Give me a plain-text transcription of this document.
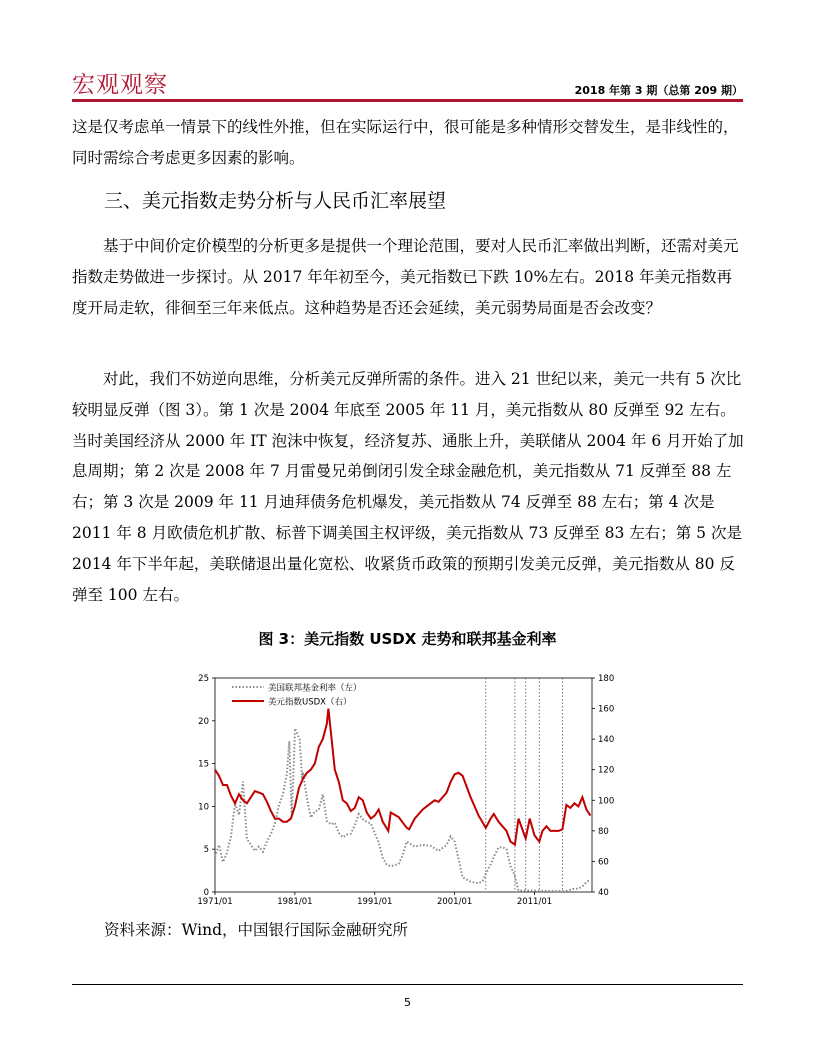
宏观观察	2018 年第 3 期（总第 209 期）
这是仅考虑单一情景下的线性外推，但在实际运行中，很可能是多种情形交替发生，是非线性的，同时需综合考虑更多因素的影响。
三、美元指数走势分析与人民币汇率展望
基于中间价定价模型的分析更多是提供一个理论范围，要对人民币汇率做出判断，还需对美元指数走势做进一步探讨。从 2017 年年初至今，美元指数已下跌 10%左右。2018 年美元指数再度开局走软，徘徊至三年来低点。这种趋势是否还会延续，美元弱势局面是否会改变？
对此，我们不妨逆向思维，分析美元反弹所需的条件。进入 21 世纪以来，美元一共有 5 次比较明显反弹（图 3）。第 1 次是 2004 年底至 2005 年 11 月，美元指数从 80 反弹至 92 左右。当时美国经济从 2000 年 IT 泡沫中恢复，经济复苏、通胀上升，美联储从 2004 年 6 月开始了加息周期；第 2 次是 2008 年 7 月雷曼兄弟倒闭引发全球金融危机，美元指数从 71 反弹至 88 左右；第 3 次是 2009 年 11 月迪拜债务危机爆发，美元指数从 74 反弹至 88 左右；第 4 次是 2011 年 8 月欧债危机扩散、标普下调美国主权评级，美元指数从 73 反弹至 83 左右；第 5 次是 2014 年下半年起，美联储退出量化宽松、收紧货币政策的预期引发美元反弹，美元指数从 80 反弹至 100 左右。
图 3：美元指数 USDX 走势和联邦基金利率
0
5
10
15
20
25
40
60
80
100
120
140
160
180
1971/01	1981/01	1991/01	2001/01	2011/01
美国联邦基金利率（左）
美元指数USDX（右）
资料来源：Wind，中国银行国际金融研究所
5
